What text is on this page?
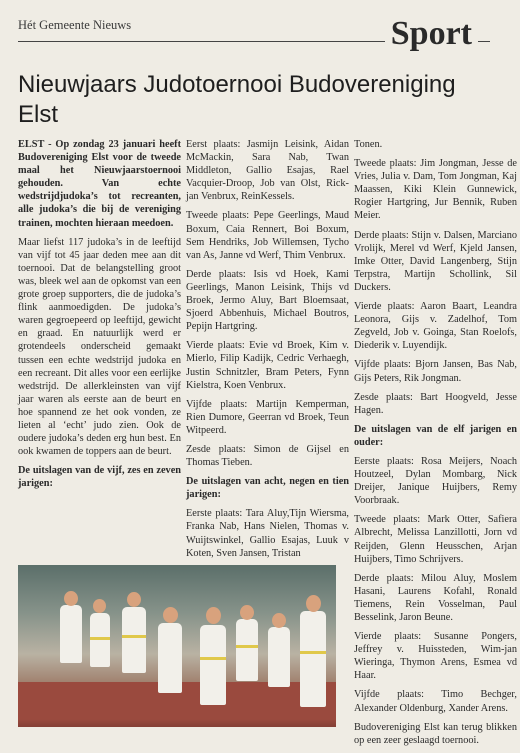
Hét Gemeente Nieuws	Sport
Nieuwjaars Judotoernooi Budovereniging Elst

ELST - Op zondag 23 januari heeft Budovereniging Elst voor de tweede maal het Nieuwjaarstoernooi gehouden. Van echte wedstrijdjudoka’s tot recreanten, alle judoka’s die bij de vereniging trainen, mochten hieraan meedoen.

Maar liefst 117 judoka’s in de leeftijd van vijf tot 45 jaar deden mee aan dit toernooi. Dat de belangstelling groot was, bleek wel aan de opkomst van een grote groep supporters, die de judoka’s flink aanmoedigden. De judoka’s waren gegroepeerd op leeftijd, gewicht en graad. En natuurlijk werd er grotendeels onderscheid gemaakt tussen een echte wedstrijd judoka en een recreant. Dit alles voor een eerlijke wedstrijd. De allerkleinsten van vijf jaar waren als eerste aan de beurt en hoe spannend ze het ook vonden, ze lieten al ‘echt’ judo zien. Ook de oudere judoka’s deden erg hun best. En ook kwamen de toppers aan de beurt.

De uitslagen van de vijf, zes en zeven jarigen:

Eerst plaats: Jasmijn Leisink, Aidan McMackin, Sara Nab, Twan Middleton, Gallio Esajas, Rael Vacquier-Droop, Job van Olst, Rick-jan Venbrux, ReinKessels.

Tweede plaats: Pepe Geerlings, Maud Boxum, Caia Rennert, Boi Boxum, Sem Hendriks, Job Willemsen, Tycho van As, Janne vd Werf, Thim Venbrux.

Derde plaats: Isis vd Hoek, Kami Geerlings, Manon Leisink, Thijs vd Broek, Jermo Aluy, Bart Bloemsaat, Sjoerd Abbenhuis, Michael Boutros, Pepijn Hartgring.

Vierde plaats: Evie vd Broek, Kim v. Mierlo, Filip Kadijk, Cedric Verhaegh, Justin Schnitzler, Bram Peters, Fynn Kielstra, Koen Venbrux.

Vijfde plaats: Martijn Kemperman, Rien Dumore, Geerran vd Broek, Teun Witpeerd.

Zesde plaats: Simon de Gijsel en Thomas Tieben.

De uitslagen van acht, negen en tien jarigen:

Eerste plaats: Tara Aluy,Tijn Wiersma, Franka Nab, Hans Nielen, Thomas v. Wuijtswinkel, Gallio Esajas, Luuk v Koten, Sven Jansen, Tristan

Tonen.

Tweede plaats: Jim Jongman, Jesse de Vries, Julia v. Dam, Tom Jongman, Kaj Maassen, Kiki Klein Gunnewick, Rogier Hartgring, Jur Bennik, Ruben Meier.

Derde plaats: Stijn v. Dalsen, Marciano Vrolijk, Merel vd Werf, Kjeld Jansen, Imke Otter, David Langenberg, Stijn Terpstra, Martijn Schollink, Sil Duckers.

Vierde plaats: Aaron Baart, Leandra Leonora, Gijs v. Zadelhof, Tom Zegveld, Job v. Goinga, Stan Roelofs, Diederik v. Luyendijk.

Vijfde plaats: Bjorn Jansen, Bas Nab, Gijs Peters, Rik Jongman.

Zesde plaats: Bart Hoogveld, Jesse Hagen.

De uitslagen van de elf jarigen en ouder:

Eerste plaats: Rosa Meijers, Noach Houtzeel, Dylan Mombarg, Nick Dreijer, Janique Huijbers, Remy Voorbraak.

Tweede plaats: Mark Otter, Safiera Albrecht, Melissa Lanzillotti, Jorn vd Reijden, Glenn Heusschen, Arjan Huijbers, Timo Schrijvers.

Derde plaats: Milou Aluy, Moslem Hasani, Laurens Kofahl, Ronald Tiemens, Rein Vosselman, Paul Besselink, Jaron Beune.

Vierde plaats: Susanne Pongers, Jeffrey v. Huissteden, Wim-jan Wieringa, Thymon Arens, Esmea vd Haar.

Vijfde plaats: Timo Bechger, Alexander Oldenburg, Xander Arens.

Budovereniging Elst kan terug blikken op een zeer geslaagd toernooi.
